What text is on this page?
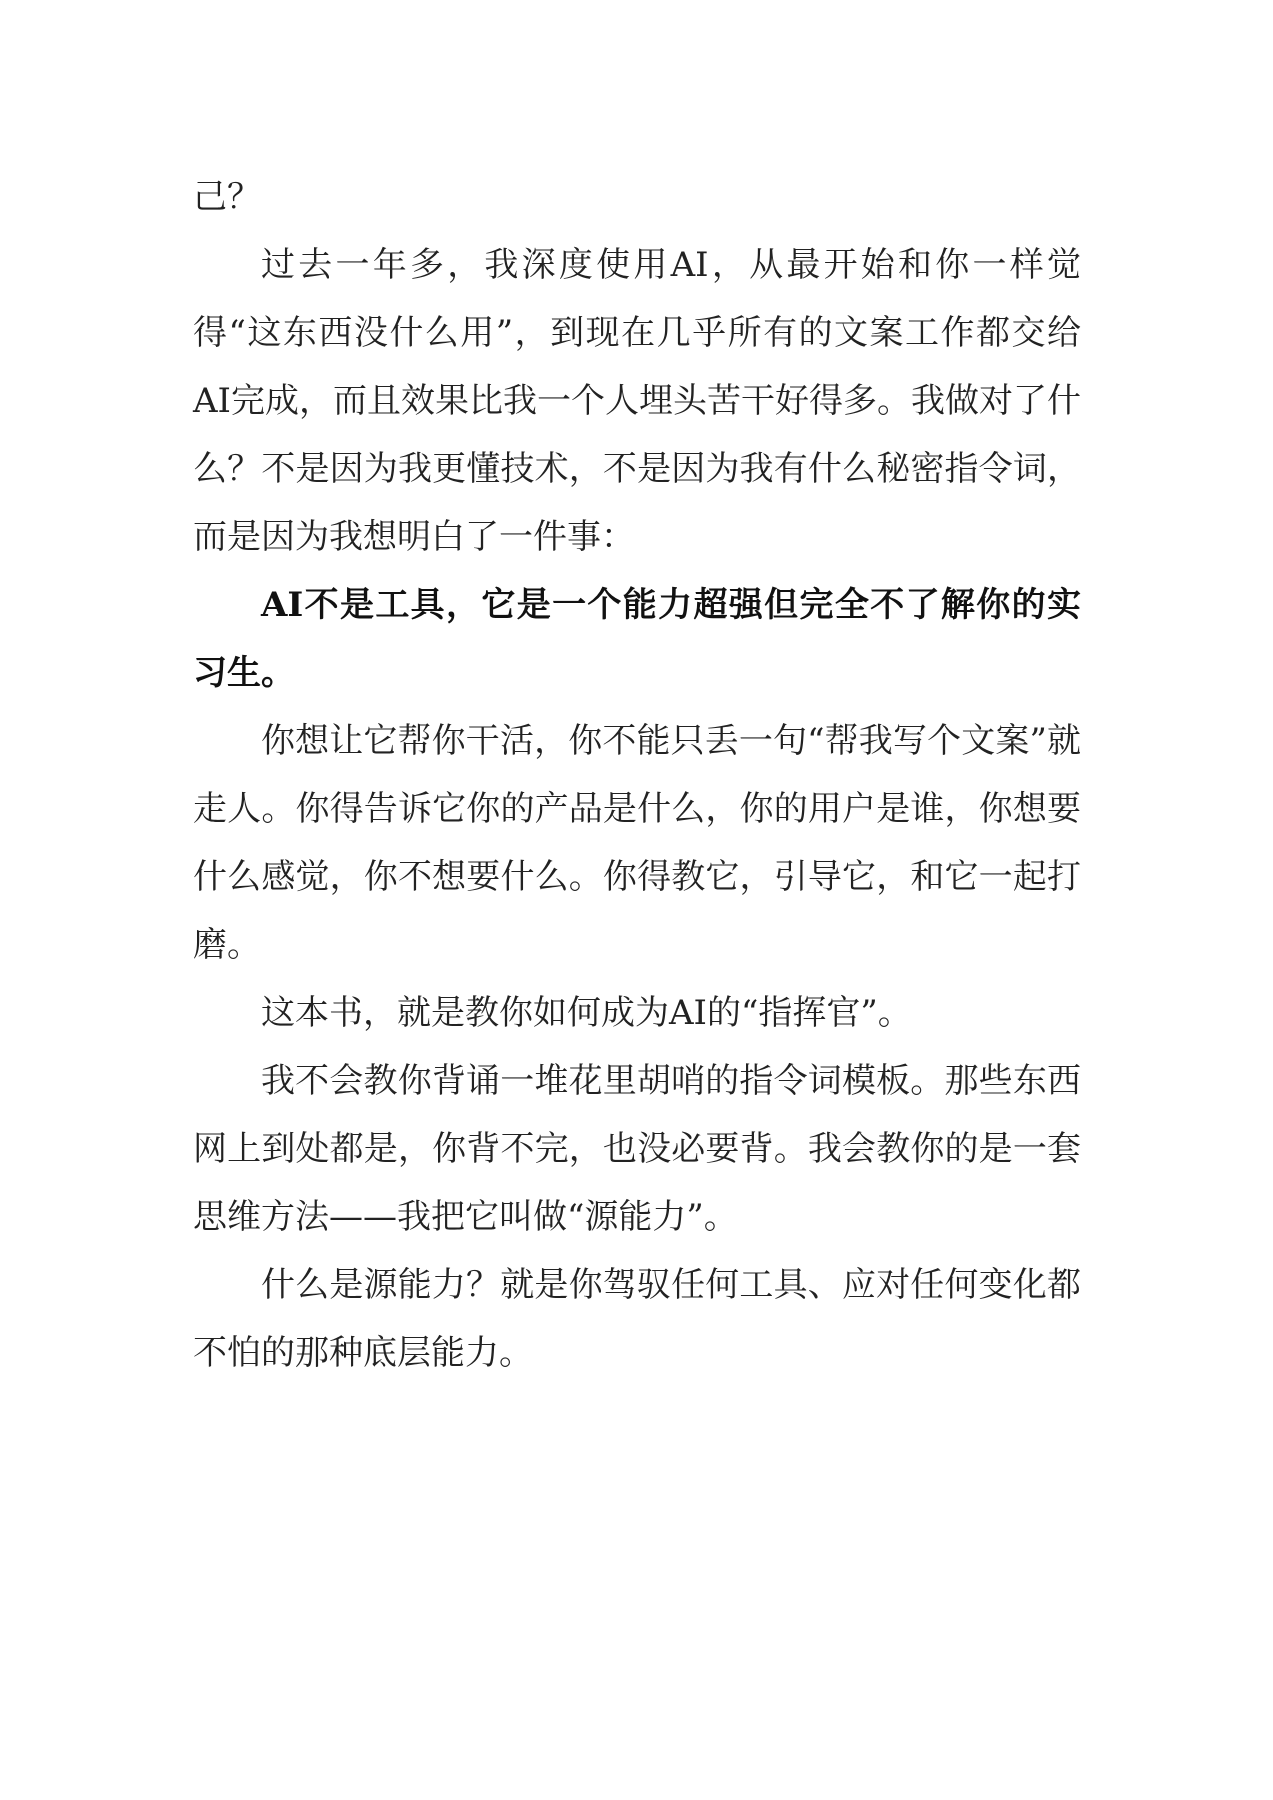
己？

过去一年多，我深度使用AI，从最开始和你一样觉得“这东西没什么用”，到现在几乎所有的文案工作都交给AI完成，而且效果比我一个人埋头苦干好得多。我做对了什么？不是因为我更懂技术，不是因为我有什么秘密指令词，而是因为我想明白了一件事：

AI不是工具，它是一个能力超强但完全不了解你的实习生。

你想让它帮你干活，你不能只丢一句“帮我写个文案”就走人。你得告诉它你的产品是什么，你的用户是谁，你想要什么感觉，你不想要什么。你得教它，引导它，和它一起打磨。

这本书，就是教你如何成为AI的“指挥官”。

我不会教你背诵一堆花里胡哨的指令词模板。那些东西网上到处都是，你背不完，也没必要背。我会教你的是一套思维方法——我把它叫做“源能力”。

什么是源能力？就是你驾驭任何工具、应对任何变化都不怕的那种底层能力。
